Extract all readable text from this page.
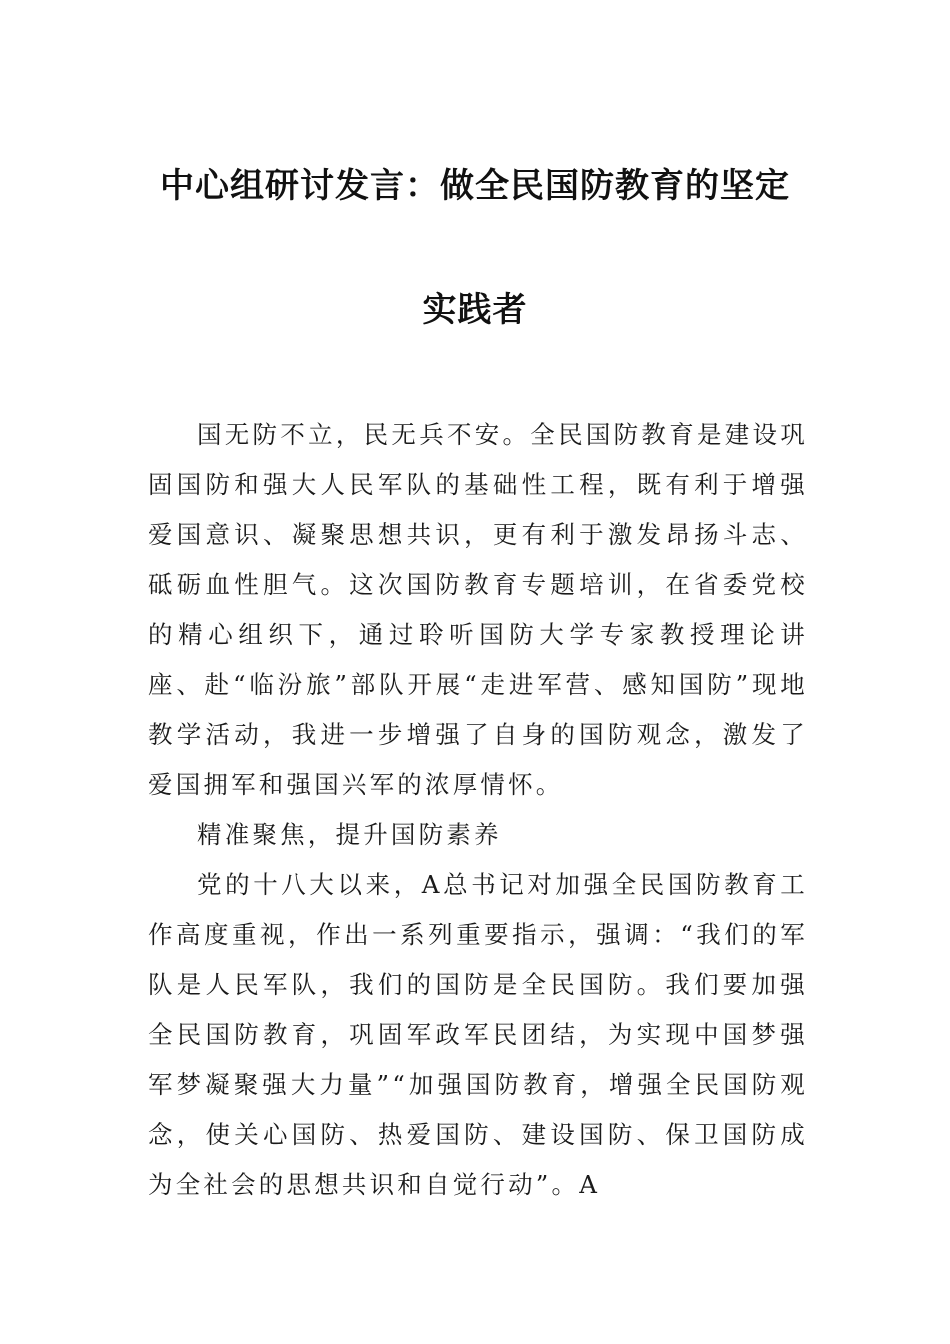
中心组研讨发言：做全民国防教育的坚定
实践者

国无防不立，民无兵不安。全民国防教育是建设巩固国防和强大人民军队的基础性工程，既有利于增强爱国意识、凝聚思想共识，更有利于激发昂扬斗志、砥砺血性胆气。这次国防教育专题培训，在省委党校的精心组织下，通过聆听国防大学专家教授理论讲座、赴“临汾旅”部队开展“走进军营、感知国防”现地教学活动，我进一步增强了自身的国防观念，激发了爱国拥军和强国兴军的浓厚情怀。

精准聚焦，提升国防素养

党的十八大以来，A总书记对加强全民国防教育工作高度重视，作出一系列重要指示，强调：“我们的军队是人民军队，我们的国防是全民国防。我们要加强全民国防教育，巩固军政军民团结，为实现中国梦强军梦凝聚强大力量”“加强国防教育，增强全民国防观念，使关心国防、热爱国防、建设国防、保卫国防成为全社会的思想共识和自觉行动”。A
